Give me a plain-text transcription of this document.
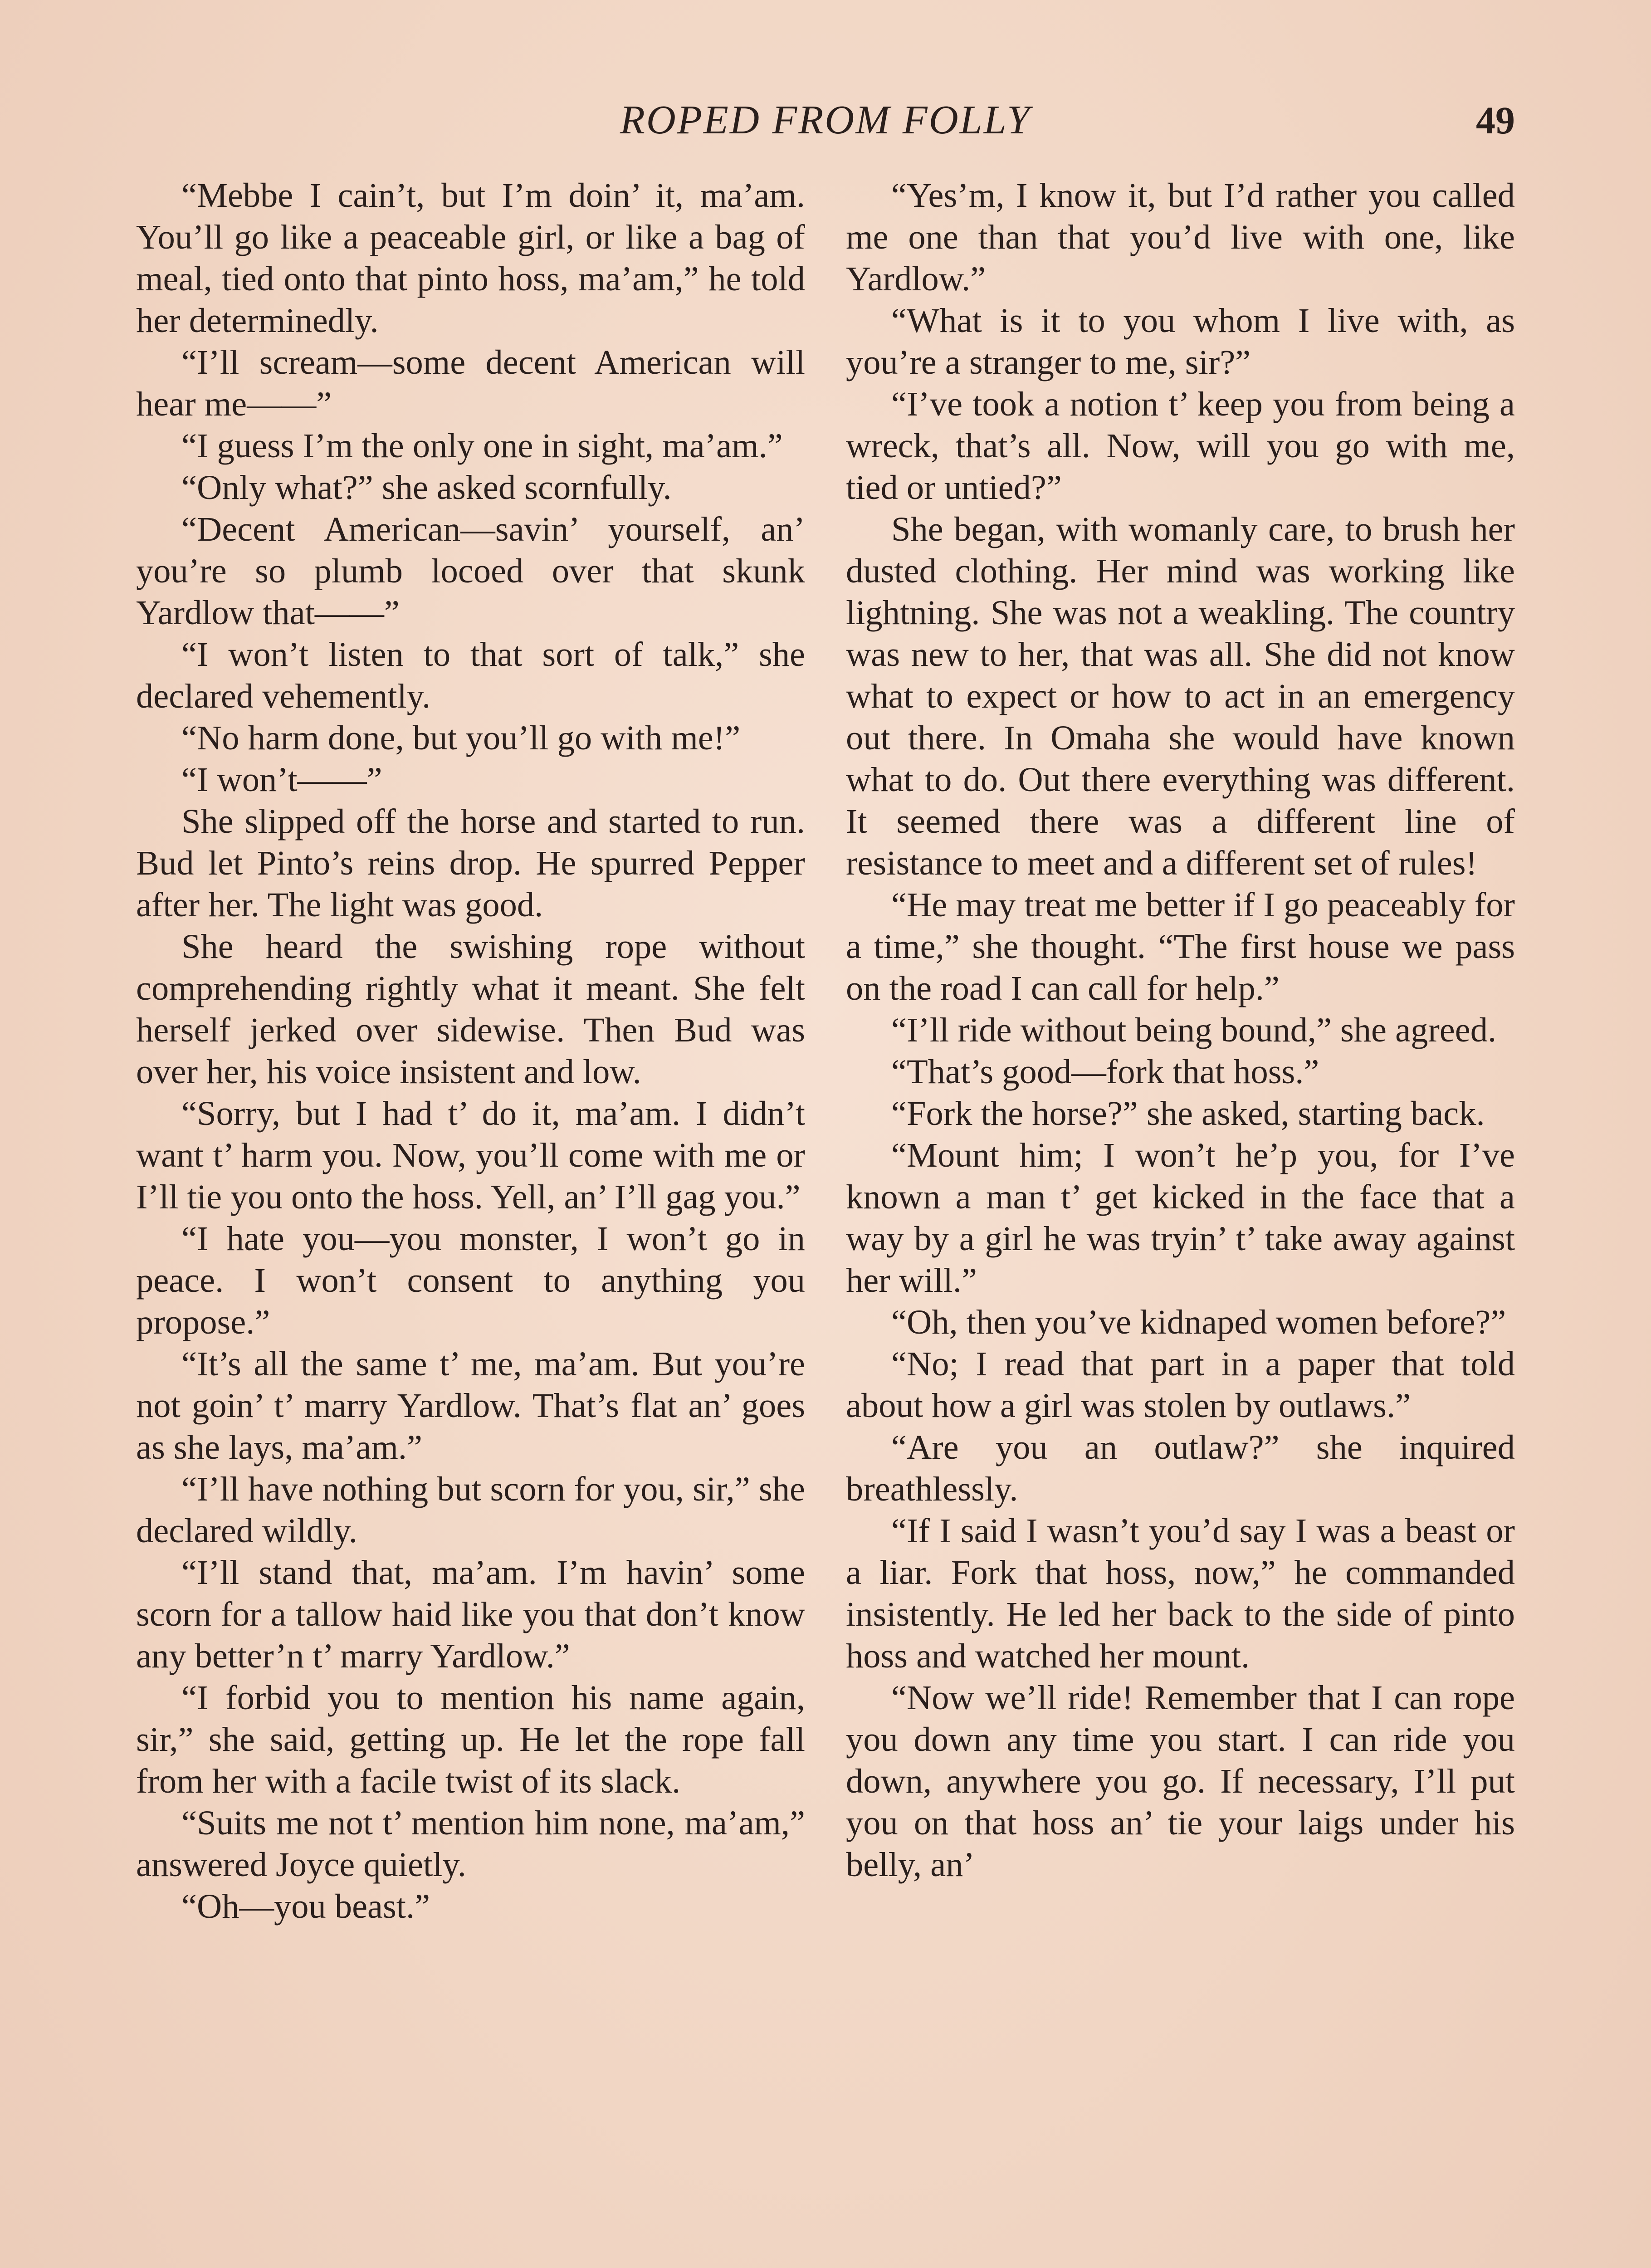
ROPED FROM FOLLY	49

“Mebbe I cain’t, but I’m doin’ it, ma’am. You’ll go like a peaceable girl, or like a bag of meal, tied onto that pinto hoss, ma’am,” he told her determinedly.

“I’ll scream—some decent American will hear me——”

“I guess I’m the only one in sight, ma’am.”

“Only what?” she asked scornfully.

“Decent American—savin’ yourself, an’ you’re so plumb locoed over that skunk Yardlow that——”

“I won’t listen to that sort of talk,” she declared vehemently.

“No harm done, but you’ll go with me!”

“I won’t——”

She slipped off the horse and started to run. Bud let Pinto’s reins drop. He spurred Pepper after her. The light was good.

She heard the swishing rope without comprehending rightly what it meant. She felt herself jerked over sidewise. Then Bud was over her, his voice insistent and low.

“Sorry, but I had t’ do it, ma’am. I didn’t want t’ harm you. Now, you’ll come with me or I’ll tie you onto the hoss. Yell, an’ I’ll gag you.”

“I hate you—you monster, I won’t go in peace. I won’t consent to anything you propose.”

“It’s all the same t’ me, ma’am. But you’re not goin’ t’ marry Yardlow. That’s flat an’ goes as she lays, ma’am.”

“I’ll have nothing but scorn for you, sir,” she declared wildly.

“I’ll stand that, ma’am. I’m havin’ some scorn for a tallow haid like you that don’t know any better’n t’ marry Yardlow.”

“I forbid you to mention his name again, sir,” she said, getting up. He let the rope fall from her with a facile twist of its slack.

“Suits me not t’ mention him none, ma’am,” answered Joyce quietly.

“Oh—you beast.”

“Yes’m, I know it, but I’d rather you called me one than that you’d live with one, like Yardlow.”

“What is it to you whom I live with, as you’re a stranger to me, sir?”

“I’ve took a notion t’ keep you from being a wreck, that’s all. Now, will you go with me, tied or untied?”

She began, with womanly care, to brush her dusted clothing. Her mind was working like lightning. She was not a weakling. The country was new to her, that was all. She did not know what to expect or how to act in an emergency out there. In Omaha she would have known what to do. Out there everything was different. It seemed there was a different line of resistance to meet and a different set of rules!

“He may treat me better if I go peaceably for a time,” she thought. “The first house we pass on the road I can call for help.”

“I’ll ride without being bound,” she agreed.

“That’s good—fork that hoss.”

“Fork the horse?” she asked, starting back.

“Mount him; I won’t he’p you, for I’ve known a man t’ get kicked in the face that a way by a girl he was tryin’ t’ take away against her will.”

“Oh, then you’ve kidnaped women before?”

“No; I read that part in a paper that told about how a girl was stolen by outlaws.”

“Are you an outlaw?” she inquired breathlessly.

“If I said I wasn’t you’d say I was a beast or a liar. Fork that hoss, now,” he commanded insistently. He led her back to the side of pinto hoss and watched her mount.

“Now we’ll ride! Remember that I can rope you down any time you start. I can ride you down, anywhere you go. If necessary, I’ll put you on that hoss an’ tie your laigs under his belly, an’
